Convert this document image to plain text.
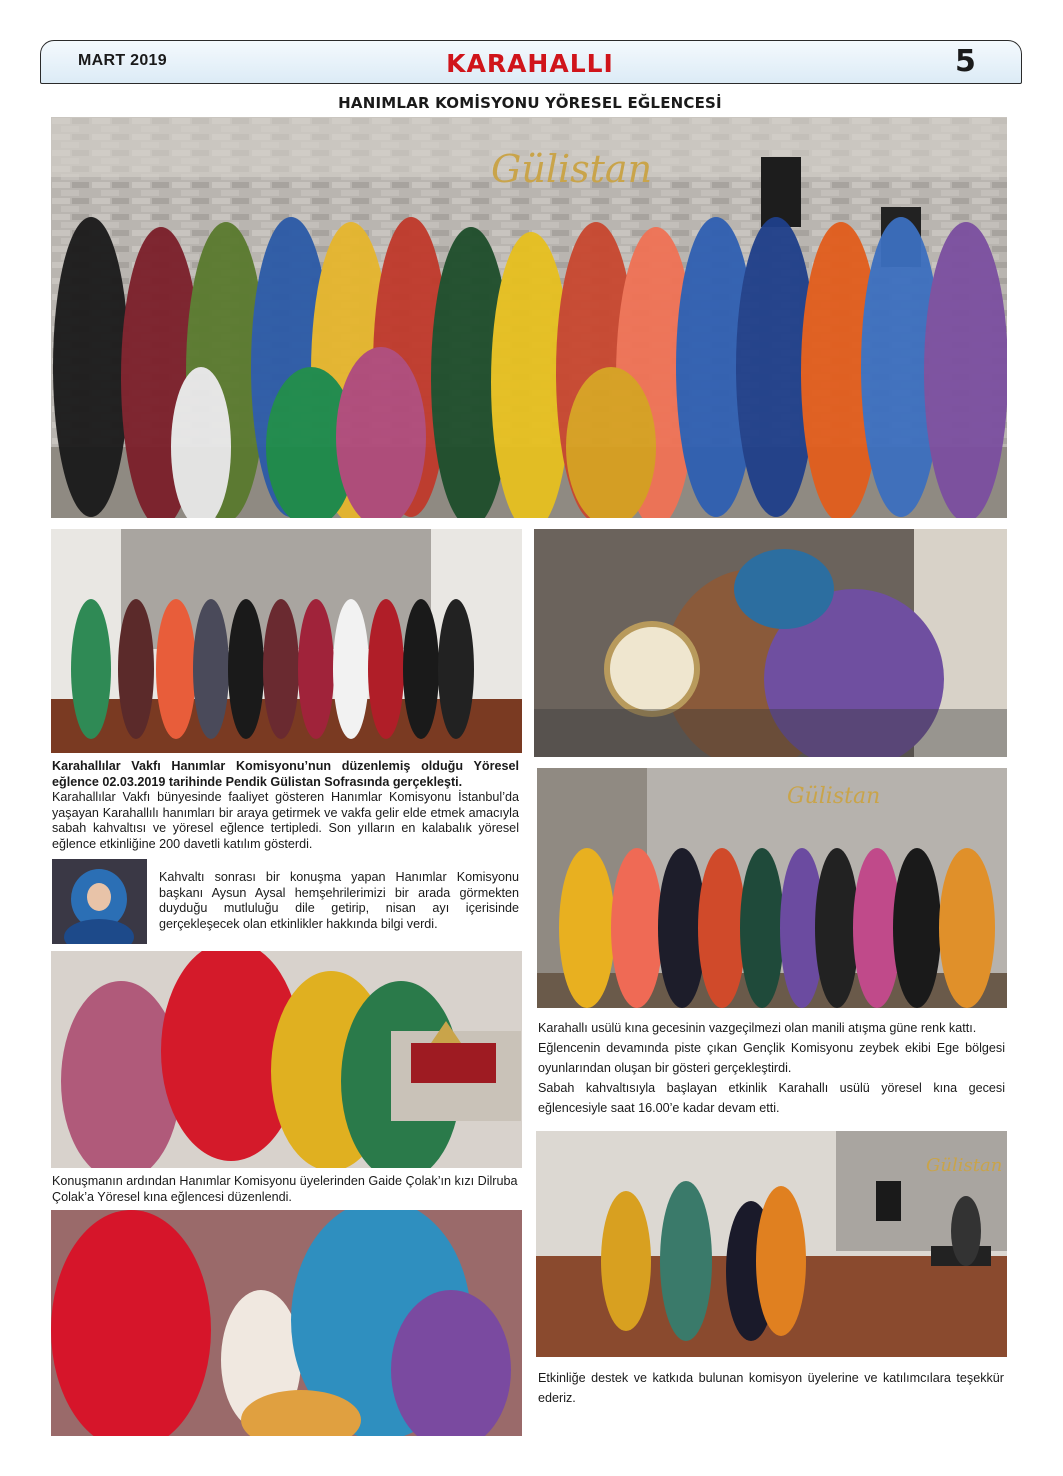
MART 2019	KARAHALLI	5
HANIMLAR KOMİSYONU YÖRESEL EĞLENCESİ
Gülistan

Karahallılar Vakfı Hanımlar Komisyonu’nun düzenlemiş olduğu Yöresel eğlence 02.03.2019 tarihinde Pendik Gülistan Sofrasında gerçekleşti.

Karahallılar Vakfı bünyesinde faaliyet gösteren Hanımlar Komisyonu İstanbul’da yaşayan Karahallılı hanımları bir araya getirmek ve vakfa gelir elde etmek amacıyla sabah kahvaltısı ve yöresel eğlence tertipledi. Son yılların en kalabalık yöresel eğlence etkinliğine 200 davetli katılım gösterdi.

Kahvaltı sonrası bir konuşma yapan Hanımlar Komisyonu başkanı Aysun Aysal hemşehrilerimizi bir arada görmekten duyduğu mutluluğu dile getirip, nisan ayı içerisinde gerçekleşecek olan etkinlikler hakkında bilgi verdi.

Konuşmanın ardından Hanımlar Komisyonu üyelerinden Gaide Çolak’ın kızı Dilruba Çolak’a Yöresel kına eğlencesi düzenlendi.

Gülistan

Karahallı usülü kına gecesinin vazgeçilmezi olan manili atışma güne renk kattı.

Eğlencenin devamında piste çıkan Gençlik Komisyonu zeybek ekibi Ege bölgesi oyunlarından oluşan bir gösteri gerçekleştirdi.

Sabah kahvaltısıyla başlayan etkinlik Karahallı usülü yöresel kına gecesi eğlencesiyle saat 16.00’e kadar devam etti.

Gülistan

Etkinliğe destek ve katkıda bulunan komisyon üyelerine ve katılımcılara teşekkür ederiz.
